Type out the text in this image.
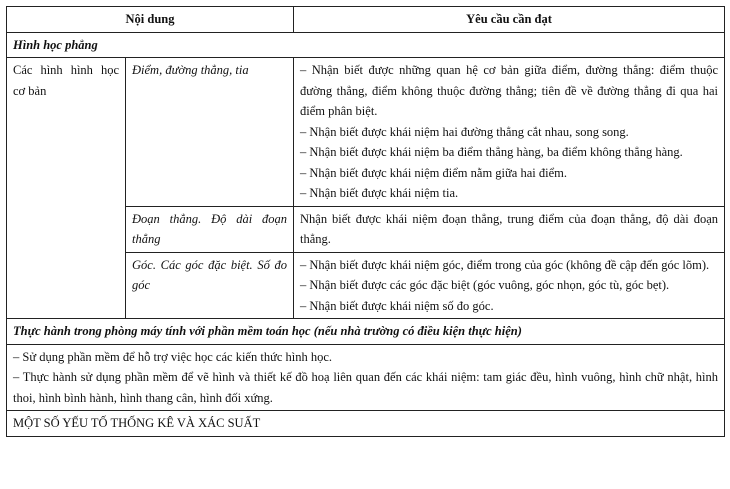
Nội dung		Yêu cầu cần đạt
Hình học phẳng		
Các hình hình học cơ bản	Điểm, đường thẳng, tia	– Nhận biết được những quan hệ cơ bản giữa điểm, đường thẳng: điểm thuộc đường thẳng, điểm không thuộc đường thẳng; tiên đề về đường thẳng đi qua hai điểm phân biệt.

– Nhận biết được khái niệm hai đường thẳng cắt nhau, song song.

– Nhận biết được khái niệm ba điểm thẳng hàng, ba điểm không thẳng hàng.

– Nhận biết được khái niệm điểm nằm giữa hai điểm.

– Nhận biết được khái niệm tia.

	Đoạn thẳng. Độ dài đoạn thẳng	Nhận biết được khái niệm đoạn thẳng, trung điểm của đoạn thẳng, độ dài đoạn thẳng.

	Góc. Các góc đặc biệt. Số đo góc	– Nhận biết được khái niệm góc, điểm trong của góc (không đề cập đến góc lõm).

– Nhận biết được các góc đặc biệt (góc vuông, góc nhọn, góc tù, góc bẹt).

– Nhận biết được khái niệm số đo góc.

Thực hành trong phòng máy tính với phần mềm toán học (nếu nhà trường có điều kiện thực hiện)		

– Sử dụng phần mềm để hỗ trợ việc học các kiến thức hình học.

– Thực hành sử dụng phần mềm để vẽ hình và thiết kế đồ hoạ liên quan đến các khái niệm: tam giác đều, hình vuông, hình chữ nhật, hình thoi, hình bình hành, hình thang cân, hình đối xứng.		

MỘT SỐ YẾU TỐ THỐNG KÊ VÀ XÁC SUẤT		
